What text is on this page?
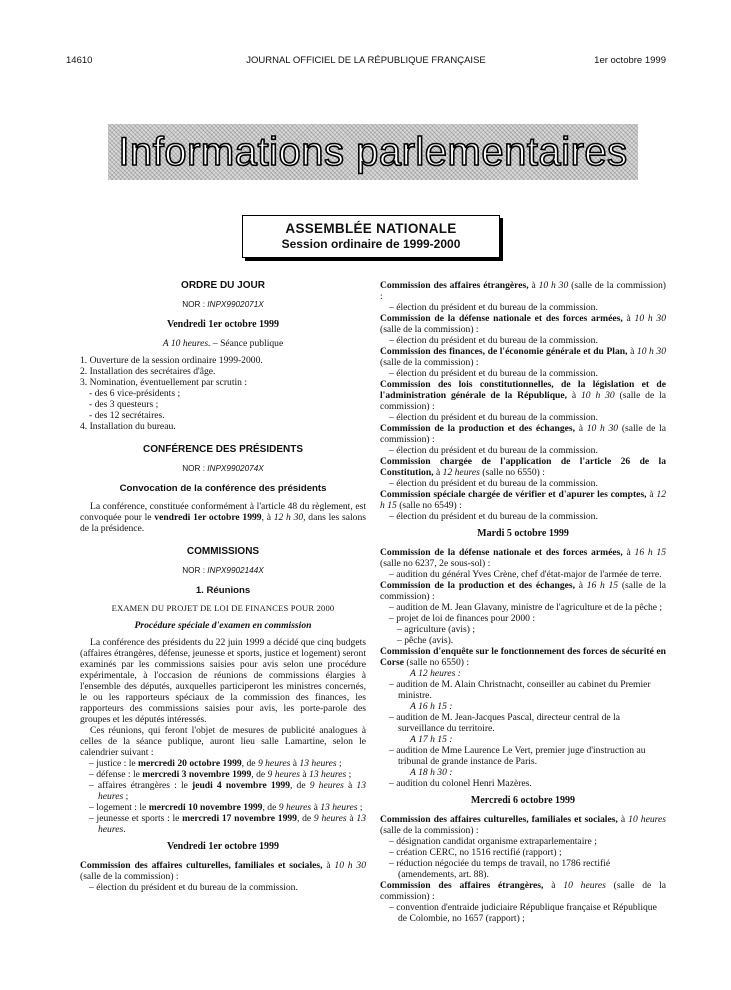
14610	JOURNAL OFFICIEL DE LA RÉPUBLIQUE FRANÇAISE	1er octobre 1999
Informations parlementaires
ASSEMBLÉE NATIONALE
Session ordinaire de 1999-2000
ORDRE DU JOUR
NOR : INPX9902071X
Vendredi 1er octobre 1999
A 10 heures. – Séance publique
1. Ouverture de la session ordinaire 1999-2000.
2. Installation des secrétaires d'âge.
3. Nomination, éventuellement par scrutin :
- des 6 vice-présidents ;
- des 3 questeurs ;
- des 12 secrétaires.
4. Installation du bureau.
CONFÉRENCE DES PRÉSIDENTS
NOR : INPX9902074X
Convocation de la conférence des présidents
La conférence, constituée conformément à l'article 48 du règlement, est convoquée pour le vendredi 1er octobre 1999, à 12 h 30, dans les salons de la présidence.
COMMISSIONS
NOR : INPX9902144X
1. Réunions
EXAMEN DU PROJET DE LOI DE FINANCES POUR 2000
Procédure spéciale d'examen en commission
La conférence des présidents du 22 juin 1999 a décidé que cinq budgets (affaires étrangères, défense, jeunesse et sports, justice et logement) seront examinés par les commissions saisies pour avis selon une procédure expérimentale, à l'occasion de réunions de commissions élargies à l'ensemble des députés, auxquelles participeront les ministres concernés, le ou les rapporteurs spéciaux de la commission des finances, les rapporteurs des commissions saisies pour avis, les porte-parole des groupes et les députés intéressés.
Ces réunions, qui feront l'objet de mesures de publicité analogues à celles de la séance publique, auront lieu salle Lamartine, selon le calendrier suivant :
– justice : le mercredi 20 octobre 1999, de 9 heures à 13 heures ;
– défense : le mercredi 3 novembre 1999, de 9 heures à 13 heures ;
– affaires étrangères : le jeudi 4 novembre 1999, de 9 heures à 13 heures ;
– logement : le mercredi 10 novembre 1999, de 9 heures à 13 heures ;
– jeunesse et sports : le mercredi 17 novembre 1999, de 9 heures à 13 heures.
Vendredi 1er octobre 1999
Commission des affaires culturelles, familiales et sociales, à 10 h 30 (salle de la commission) :
– élection du président et du bureau de la commission.
Commission des affaires étrangères, à 10 h 30 (salle de la commission) :
– élection du président et du bureau de la commission.
Commission de la défense nationale et des forces armées, à 10 h 30 (salle de la commission) :
– élection du président et du bureau de la commission.
Commission des finances, de l'économie générale et du Plan, à 10 h 30 (salle de la commission) :
– élection du président et du bureau de la commission.
Commission des lois constitutionnelles, de la législation et de l'administration générale de la République, à 10 h 30 (salle de la commission) :
– élection du président et du bureau de la commission.
Commission de la production et des échanges, à 10 h 30 (salle de la commission) :
– élection du président et du bureau de la commission.
Commission chargée de l'application de l'article 26 de la Constitution, à 12 heures (salle no 6550) :
– élection du président et du bureau de la commission.
Commission spéciale chargée de vérifier et d'apurer les comptes, à 12 h 15 (salle no 6549) :
– élection du président et du bureau de la commission.
Mardi 5 octobre 1999
Commission de la défense nationale et des forces armées, à 16 h 15 (salle no 6237, 2e sous-sol) :
– audition du général Yves Crène, chef d'état-major de l'armée de terre.
Commission de la production et des échanges, à 16 h 15 (salle de la commission) :
– audition de M. Jean Glavany, ministre de l'agriculture et de la pêche ;
– projet de loi de finances pour 2000 :
– agriculture (avis) ;
– pêche (avis).
Commission d'enquête sur le fonctionnement des forces de sécurité en Corse (salle no 6550) :
A 12 heures :
– audition de M. Alain Christnacht, conseiller au cabinet du Premier ministre.
A 16 h 15 :
– audition de M. Jean-Jacques Pascal, directeur central de la surveillance du territoire.
A 17 h 15 :
– audition de Mme Laurence Le Vert, premier juge d'instruction au tribunal de grande instance de Paris.
A 18 h 30 :
– audition du colonel Henri Mazères.
Mercredi 6 octobre 1999
Commission des affaires culturelles, familiales et sociales, à 10 heures (salle de la commission) :
– désignation candidat organisme extraparlementaire ;
– création CERC, no 1516 rectifié (rapport) ;
– réduction négociée du temps de travail, no 1786 rectifié (amendements, art. 88).
Commission des affaires étrangères, à 10 heures (salle de la commission) :
– convention d'entraide judiciaire République française et République de Colombie, no 1657 (rapport) ;
